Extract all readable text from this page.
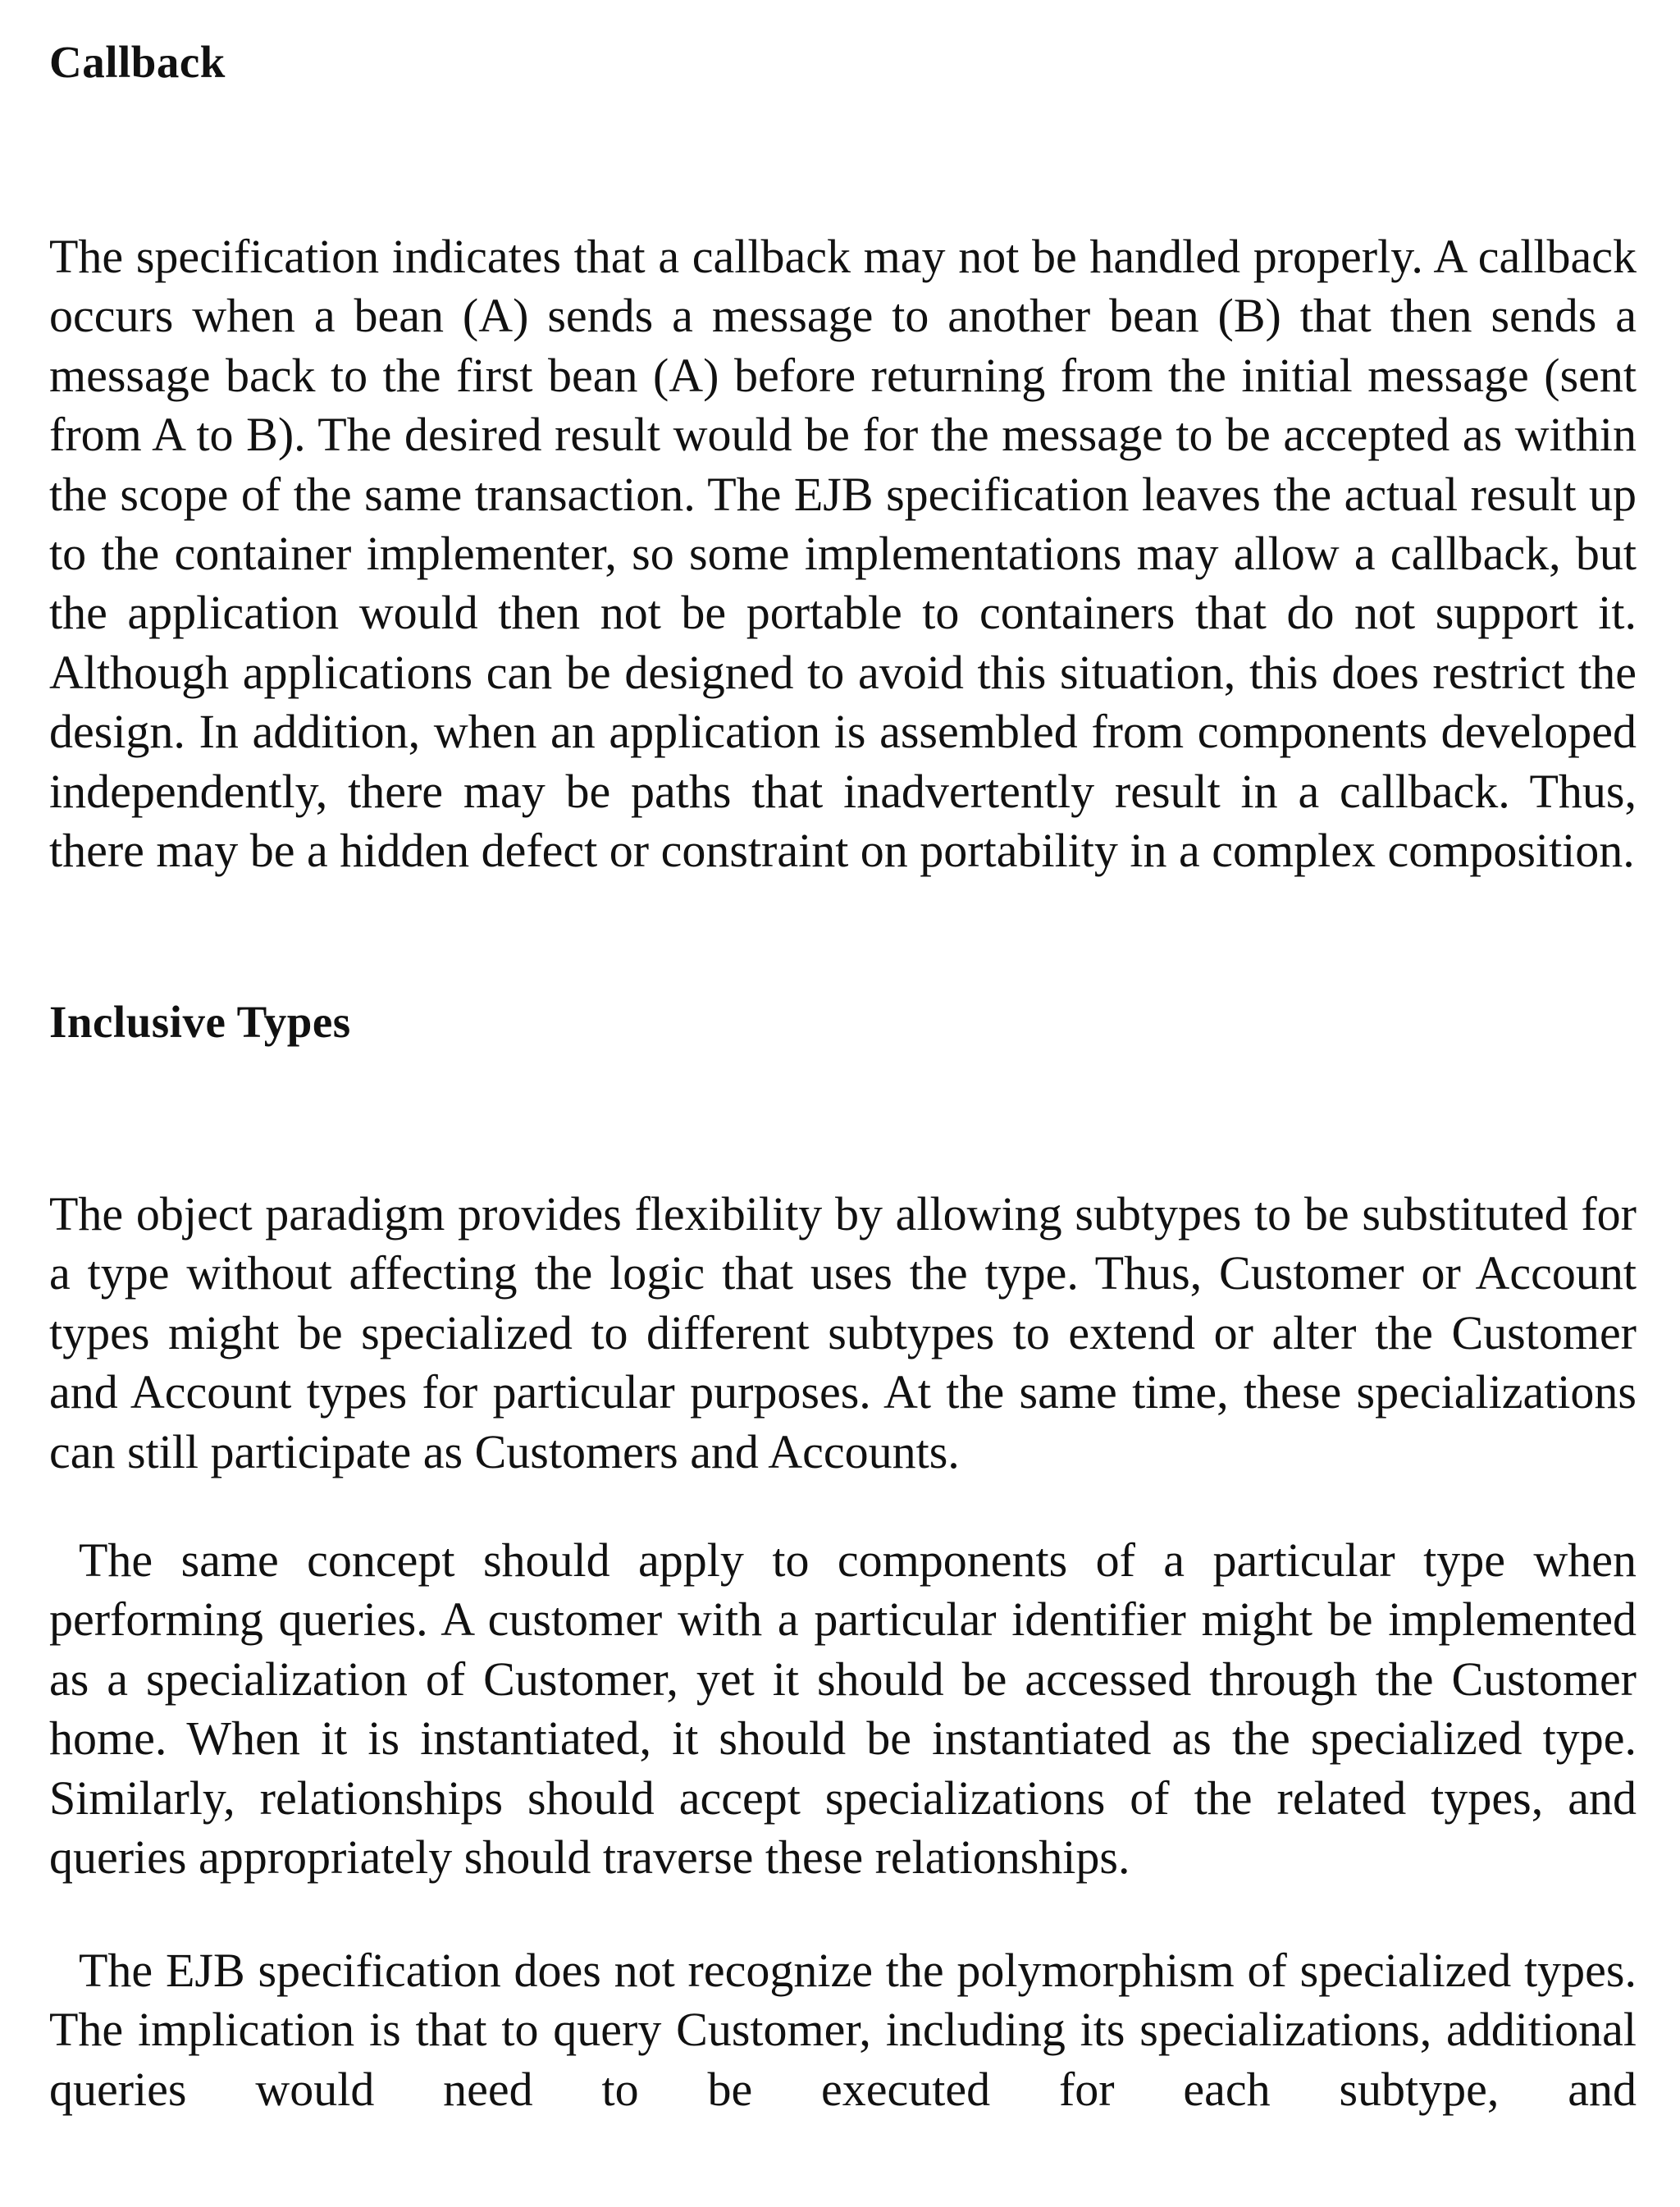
Callback

The specification indicates that a callback may not be handled properly. A callback occurs when a bean (A) sends a message to another bean (B) that then sends a message back to the first bean (A) before returning from the initial message (sent from A to B). The desired result would be for the message to be accepted as within the scope of the same transaction. The EJB specification leaves the actual result up to the container implementer, so some implementations may allow a callback, but the application would then not be portable to containers that do not support it. Although applications can be designed to avoid this situation, this does restrict the design. In addition, when an application is assembled from components developed independently, there may be paths that inadvertently result in a callback. Thus, there may be a hidden defect or constraint on portability in a complex composition.

Inclusive Types

The object paradigm provides flexibility by allowing subtypes to be substituted for a type without affecting the logic that uses the type. Thus, Customer or Account types might be specialized to different subtypes to extend or alter the Customer and Account types for particular purposes. At the same time, these specializations can still participate as Customers and Accounts.

The same concept should apply to components of a particular type when performing queries. A customer with a particular identifier might be implemented as a specialization of Customer, yet it should be accessed through the Customer home. When it is instantiated, it should be instantiated as the specialized type. Similarly, relationships should accept specializations of the related types, and queries appropriately should traverse these relationships.

The EJB specification does not recognize the polymorphism of specialized types. The implication is that to query Customer, including its specializations, additional queries would need to be executed for each subtype, and
